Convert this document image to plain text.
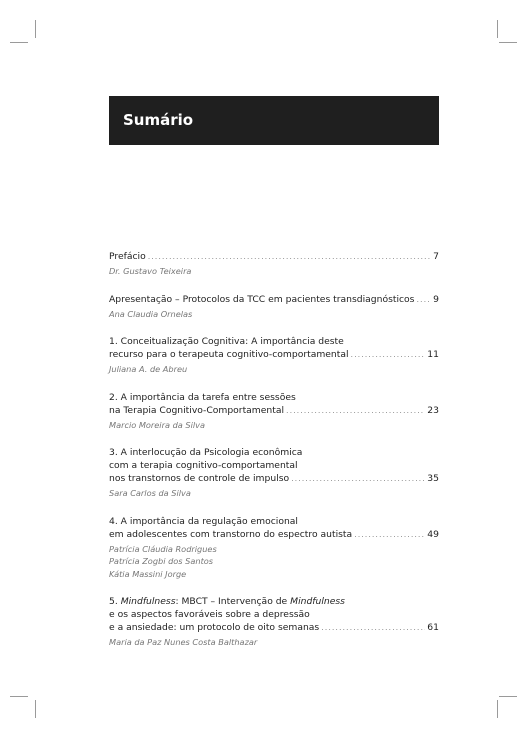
Sumário
Prefácio .....	7
Dr. Gustavo Teixeira
Apresentação – Protocolos da TCC em pacientes transdiagnósticos ..... 9
Ana Claudia Ornelas
1. Conceitualização Cognitiva: A importância deste
recurso para o terapeuta cognitivo-comportamental .....	11
Juliana A. de Abreu
2. A importância da tarefa entre sessões
na Terapia Cognitivo-Comportamental .....	23
Marcio Moreira da Silva
3. A interlocução da Psicologia econômica
com a terapia cognitivo-comportamental
nos transtornos de controle de impulso .....	35
Sara Carlos da Silva
4. A importância da regulação emocional
em adolescentes com transtorno do espectro autista .....	49
Patrícia Cláudia Rodrigues
Patrícia Zogbi dos Santos
Kátia Massini Jorge
5. Mindfulness: MBCT – Intervenção de Mindfulness
e os aspectos favoráveis sobre a depressão
e a ansiedade: um protocolo de oito semanas .....	61
Maria da Paz Nunes Costa Balthazar
